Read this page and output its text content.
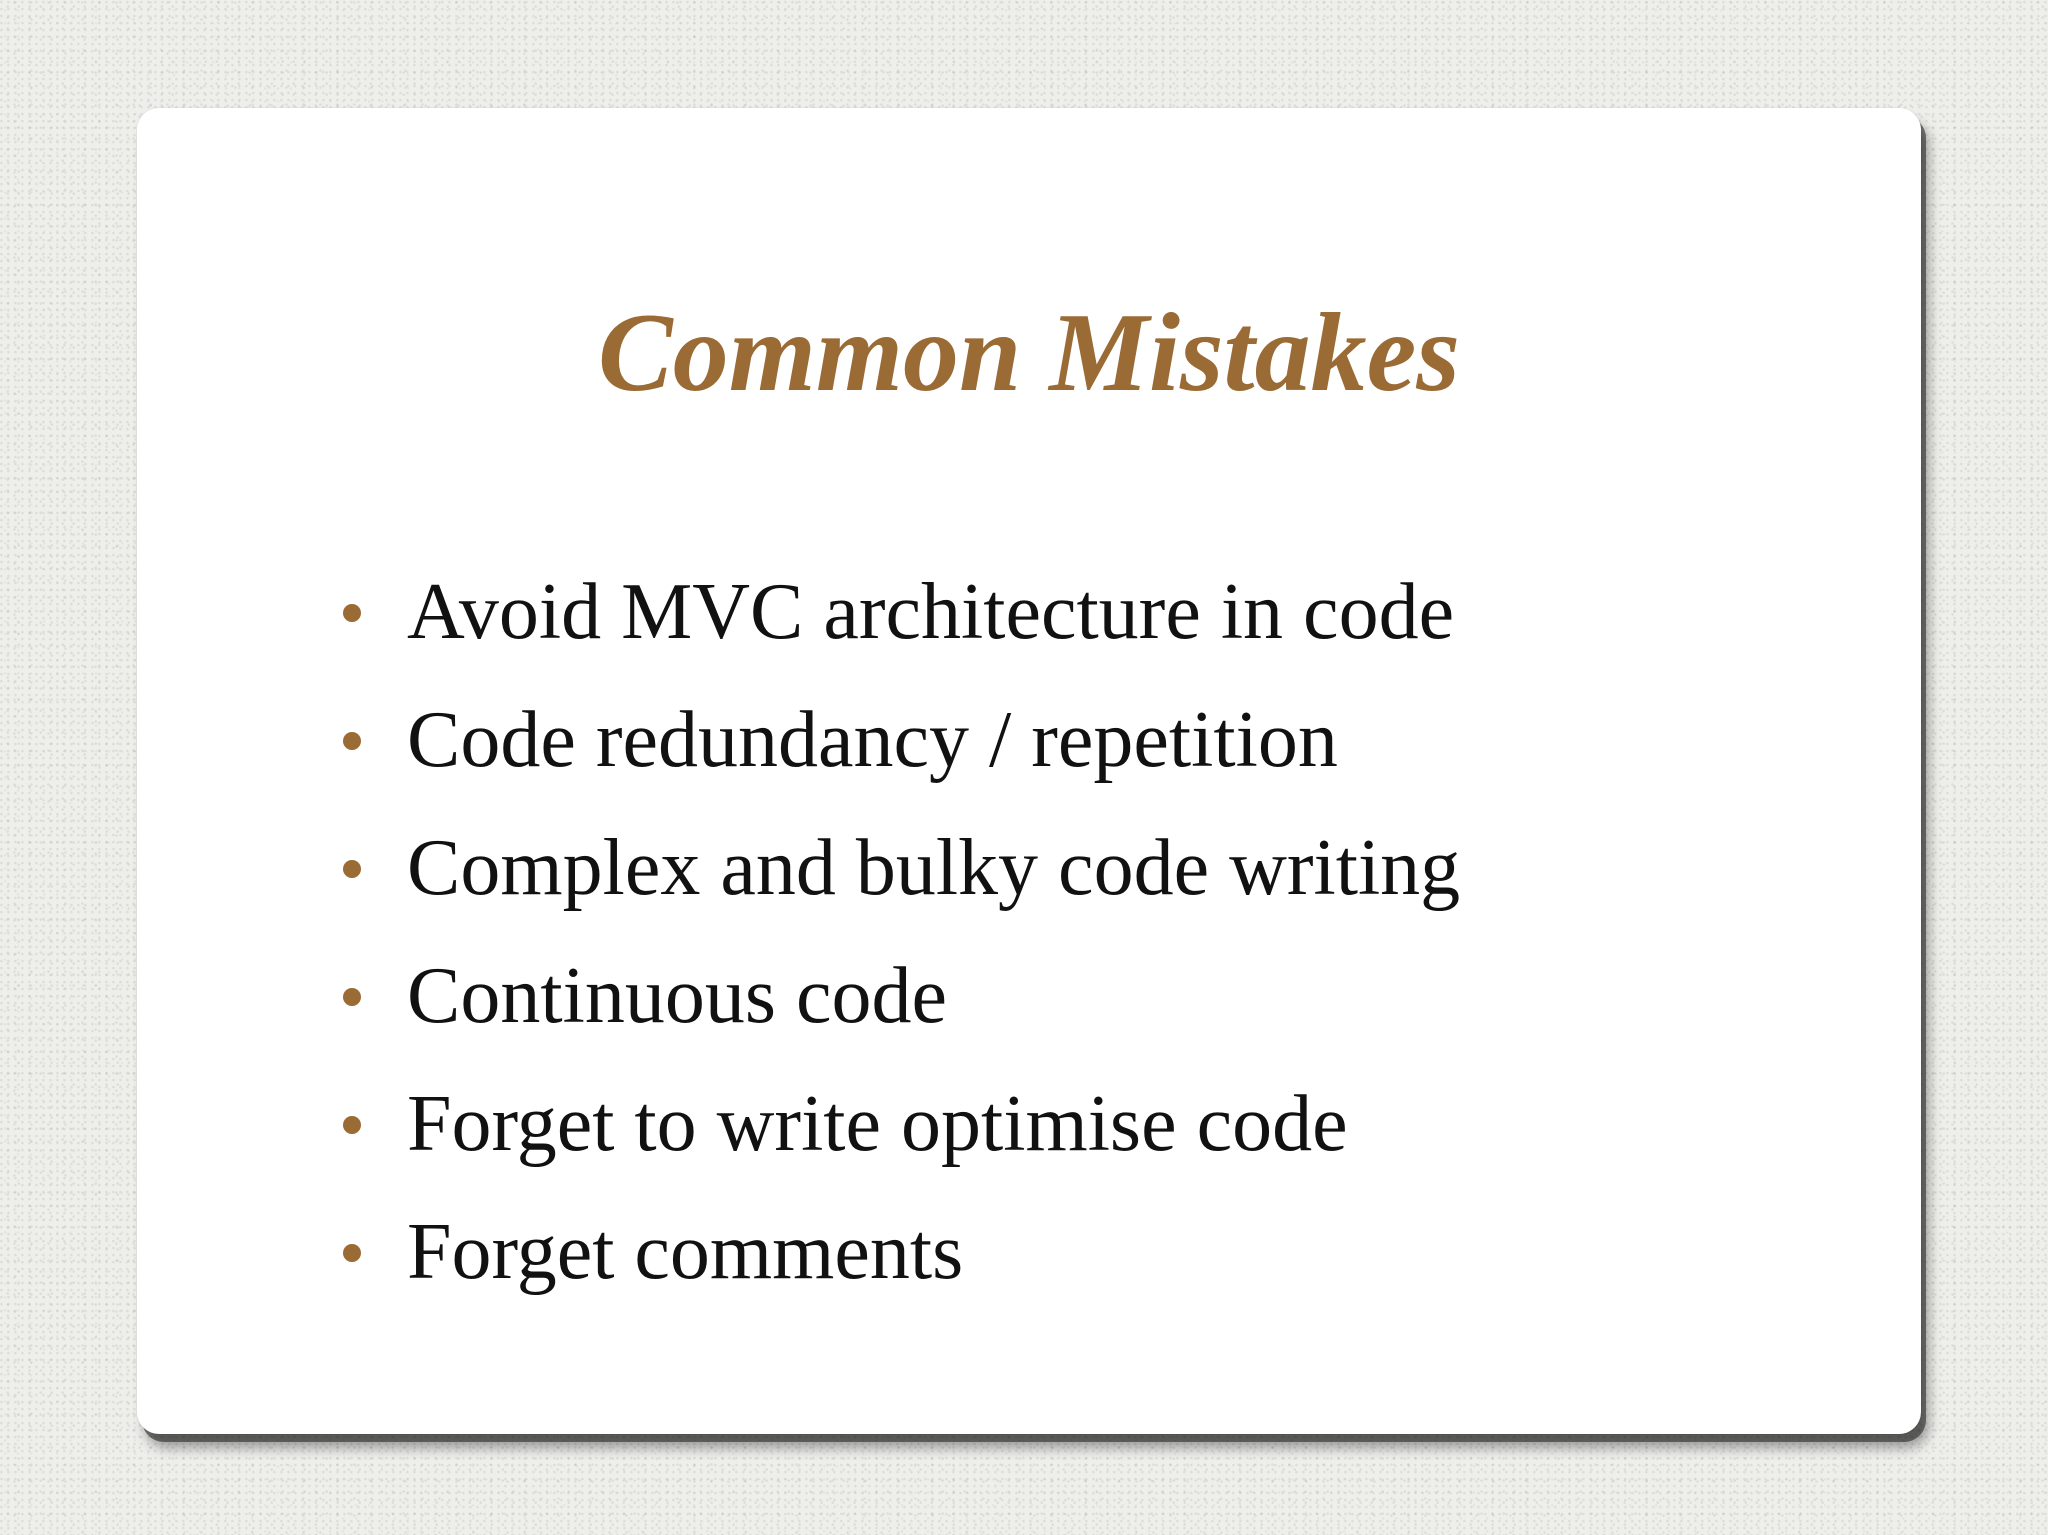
Common Mistakes
Avoid MVC architecture in code
Code redundancy / repetition
Complex and bulky code writing
Continuous code
Forget to write optimise code
Forget comments
